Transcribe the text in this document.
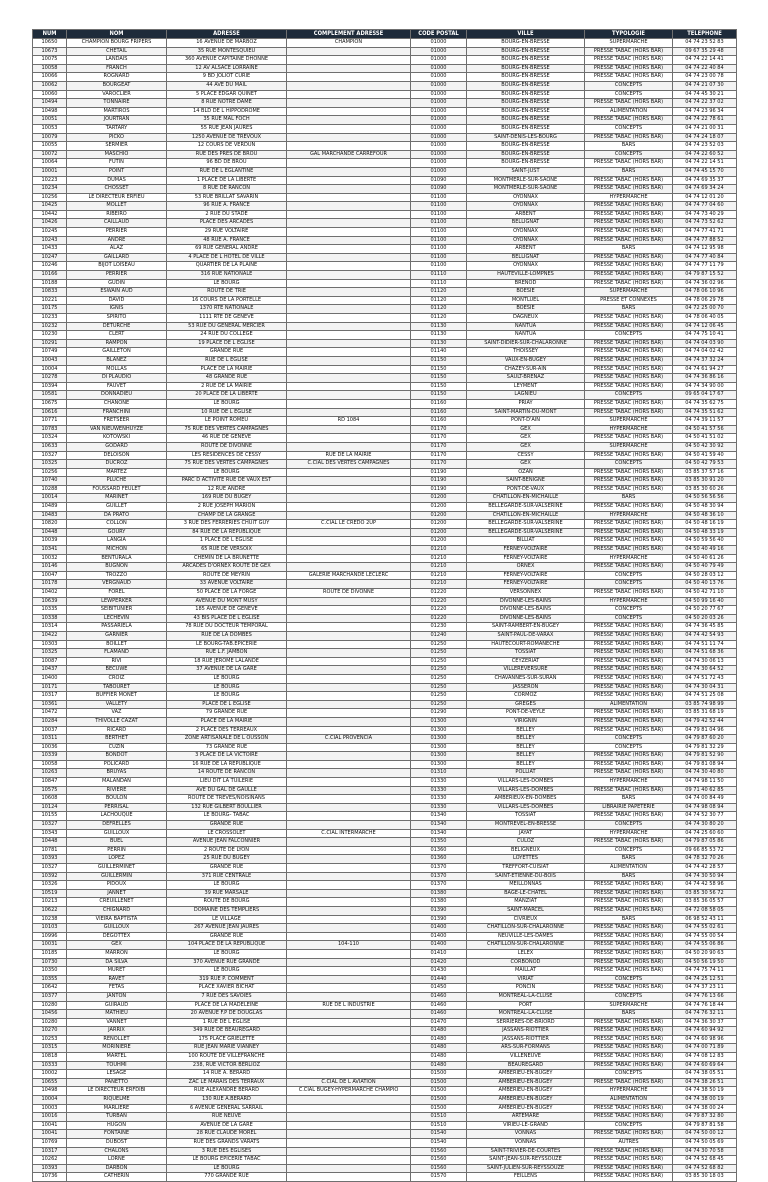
NUM	NOM	ADRESSE	COMPLEMENT ADRESSE	CODE POSTAL	VILLE	TYPOLOGIE	TELEPHONE
10650	CHAMPION BOURG FRIPERS	16 AVENUE DE MARBOZ	CHAMPION	01000	BOURG-EN-BRESSE	SUPERMARCHE	04 74 23 52 83
10673	CHETAIL	35 RUE MONTESQUIEU		01000	BOURG-EN-BRESSE	PRESSE TABAC (HORS BAR)	09 67 35 29 48
10075	LANDAIS	360 AVENUE CAPITAINE DHONNE		01000	BOURG-EN-BRESSE	PRESSE TABAC (HORS BAR)	04 74 22 14 41
10058	FRANCH	12 AV ALSACE LORRAINE		01000	BOURG-EN-BRESSE	PRESSE TABAC (HORS BAR)	04 74 22 40 84
10066	ROGNARD	9 BD JOLIOT CURIE		01000	BOURG-EN-BRESSE	PRESSE TABAC (HORS BAR)	04 74 23 00 78
10062	BOURGEAT	44 AVE DU MAIL		01000	BOURG-EN-BRESSE	CONCEPTS	04 74 21 07 30
10060	VAROCLIER	5 PLACE EDGAR QUINET		01000	BOURG-EN-BRESSE	CONCEPTS	04 74 45 30 21
10494	TONNAIRE	8 RUE NOTRE DAME		01000	BOURG-EN-BRESSE	PRESSE TABAC (HORS BAR)	04 74 22 37 02
10498	MARTIROS	14 BLD DE L HIPPODROME		01000	BOURG-EN-BRESSE	ALIMENTATION	04 74 23 96 34
10051	JOURTRAN	35 RUE MAL FOCH		01000	BOURG-EN-BRESSE	PRESSE TABAC (HORS BAR)	04 74 22 78 61
10053	TARTARY	55 RUE JEAN JAURES		01000	BOURG-EN-BRESSE	CONCEPTS	04 74 21 00 31
10079	PICKO	1250 AVENUE DE TREVOUX		01000	SAINT-DENIS-LES-BOURG	PRESSE TABAC (HORS BAR)	04 74 24 18 07
10055	SERMIER	12 COURS DE VERDUN		01000	BOURG-EN-BRESSE	BARS	04 74 23 52 03
10072	MASCHIO	RUE DES PRES DE BROU	GAL MARCHANDE CARREFOUR	01000	BOURG-EN-BRESSE	CONCEPTS	04 74 22 60 52
10064	FUTIN	96 BD DE BROU		01000	BOURG-EN-BRESSE	PRESSE TABAC (HORS BAR)	04 74 22 14 51
10001	POINT	RUE DE L EGLANTINE		01000	SAINT-JUST	BARS	04 74 45 15 70
10223	DUMAS	1 PLACE DE LA LIBERTE		01090	MONTMERLE-SUR-SAONE	PRESSE TABAC (HORS BAR)	04 74 69 35 37
10234	CHOSSET	8 RUE DE RANCON		01090	MONTMERLE-SUR-SAONE	PRESSE TABAC (HORS BAR)	04 74 69 34 24
10256	LE DIRECTEUR ERFIEU	53 RUE BRILLAT SAVARIN		01100	OYONNAX	HYPERMARCHE	04 74 12 01 20
10425	MOLLET	96 RUE A. FRANCE		01100	OYONNAX	PRESSE TABAC (HORS BAR)	04 74 77 04 60
10442	RIBEIRO	2 RUE DU STADE		01100	ARBENT	PRESSE TABAC (HORS BAR)	04 74 73 40 29
10426	CAILLAUD	PLACE DES ARCADES		01100	BELLIGNAT	PRESSE TABAC (HORS BAR)	04 74 73 52 62
10245	PERRIER	29 RUE VOLTAIRE		01100	OYONNAX	PRESSE TABAC (HORS BAR)	04 74 77 41 71
10243	ANDRE	48 RUE A. FRANCE		01100	OYONNAX	PRESSE TABAC (HORS BAR)	04 74 77 88 52
10433	ALAZ	69 RUE GENERAL ANDRE		01100	ARBENT	BARS	04 74 12 95 98
10247	GAILLARD	4 PLACE DE L HOTEL DE VILLE		01100	BELLIGNAT	PRESSE TABAC (HORS BAR)	04 74 77 40 84
10246	BIJOT LOISEAU	QUARTIER DE LA PLAINE		01100	OYONNAX	PRESSE TABAC (HORS BAR)	04 74 77 11 79
10166	PERRIER	316 RUE NATIONALE		01110	HAUTEVILLE-LOMPNES	PRESSE TABAC (HORS BAR)	04 79 87 15 52
10188	GUDIN	LE BOURG		01110	BRENOD	PRESSE TABAC (HORS BAR)	04 74 36 02 96
10833	ESWAIN AUD	ROUTE DE TRIE		01120	BOESIE	SUPERMARCHE	04 78 06 10 96
10221	DAVID	16 COURS DE LA PORTELLE		01120	MONTLUEL	PRESSE ET CONNEXES	04 78 06 29 78
10175	IGNIS	1370 RTE NATIONALE		01120	BOESIE	BARS	04 72 25 00 70
10233	SPIRITO	1111 RTE DE GENEVE		01120	DAGNEUX	PRESSE TABAC (HORS BAR)	04 78 06 40 05
10232	DETURCHE	53 RUE DU GENERAL MERCIER		01130	NANTUA	PRESSE TABAC (HORS BAR)	04 74 12 06 45
10230	CLERT	24 RUE DU COLLEGE		01130	NANTUA	CONCEPTS	04 74 75 10 41
10291	RAMPON	19 PLACE DE L EGLISE		01130	SAINT-DIDIER-SUR-CHALARONNE	PRESSE TABAC (HORS BAR)	04 74 04 03 90
10749	GAILLETON	GRANDE RUE		01140	THOISSEY	PRESSE TABAC (HORS BAR)	04 74 04 02 42
10043	BLANEZ	RUE DE L EGLISE		01150	VAUX-EN-BUGEY	PRESSE TABAC (HORS BAR)	04 74 37 32 24
10004	MOLLAS	PLACE DE LA MAIRIE		01150	CHAZEY-SUR-AIN	PRESSE TABAC (HORS BAR)	04 74 61 94 27
10278	DI PLAUDIO	48 GRANDE RUE		01150	SAULT-BRENAZ	PRESSE TABAC (HORS BAR)	04 74 36 86 16
10394	FAUVET	2 RUE DE LA MAIRIE		01150	LEYMENT	PRESSE TABAC (HORS BAR)	04 74 34 90 00
10581	DONNADIEU	20 PLACE DE LA LIBERTE		01150	LAGNIEU	CONCEPTS	09 65 04 17 67
10675	CHANONE	LE BOURG		01160	PRIAY	PRESSE TABAC (HORS BAR)	04 74 35 62 75
10616	FRANCHINI	10 RUE DE L EGLISE		01160	SAINT-MARTIN-DU-MONT	PRESSE TABAC (HORS BAR)	04 74 35 51 62
10771	FRETSEER	LE POINT ROMEU	RD 1084	01160	PONT-D'AIN	SUPERMARCHE	04 74 39 11 57
10783	VAN NIEUWENHUYZE	75 RUE DES VERTES CAMPAGNES		01170	GEX	HYPERMARCHE	04 50 41 57 56
10324	KOTOWSKI	46 RUE DE GENEVE		01170	GEX	PRESSE TABAC (HORS BAR)	04 50 41 51 02
10633	GODARD	ROUTE DE DIVONNE		01170	GEX	SUPERMARCHE	04 50 42 30 92
10327	DELOISON	LES RESIDENCES DE CESSY	RUE DE LA MAIRIE	01170	CESSY	PRESSE TABAC (HORS BAR)	04 50 41 59 40
10325	DUCROZ	75 RUE DES VERTES CAMPAGNES	C.CIAL DES VERTES CAMPAGNES	01170	GEX	CONCEPTS	04 50 42 79 53
10256	MARTEZ	LE BOURG		01190	OZAN	PRESSE TABAC (HORS BAR)	03 85 37 57 16
10740	PLUCHE	PARC D ACTIVITE RUE DE VAUX EST		01190	SAINT-BENIGNE	PRESSE TABAC (HORS BAR)	03 85 30 91 20
10288	FOUSSARD FEULET	12 RUE ANDRE		01190	PONT-DE-VAUX	PRESSE TABAC (HORS BAR)	03 85 30 60 26
10014	MARINET	169 RUE DU BUGEY		01200	CHATILLON-EN-MICHAILLE	BARS	04 50 56 56 56
10489	GUILLET	2 RUE JOSEPH MARION		01200	BELLEGARDE-SUR-VALSERINE	PRESSE TABAC (HORS BAR)	04 50 48 30 94
10483	DA PRATO	CHAMP DE LA GRANGE		01200	CHATILLON-EN-MICHAILLE	HYPERMARCHE	04 50 48 36 10
10820	COLLON	3 RUE DES FERRERIES CHUIT GUY	C.CIAL LE CREDO 2UP	01200	BELLEGARDE-SUR-VALSERINE	PRESSE TABAC (HORS BAR)	04 50 48 16 19
10448	GOURY	84 RUE DE LA REPUBLIQUE		01200	BELLEGARDE-SUR-VALSERINE	PRESSE TABAC (HORS BAR)	04 50 48 33 19
10039	LANGIA	1 PLACE DE L EGLISE		01200	BILLIAT	PRESSE TABAC (HORS BAR)	04 50 59 56 40
10341	MICHON	65 RUE DE VERSOIX		01210	FERNEY-VOLTAIRE	PRESSE TABAC (HORS BAR)	04 50 40 49 16
10032	BENTURALA	CHEMIN DE LA BRUNETTE		01210	FERNEY-VOLTAIRE	HYPERMARCHE	04 50 40 61 26
10146	BUGNON	ARCADES D'ORNEX ROUTE DE GEX		01210	ORNEX	PRESSE TABAC (HORS BAR)	04 50 40 79 49
10047	TROZZO	ROUTE DE MEYRIN	GALERIE MARCHANDE LECLERC	01210	FERNEY-VOLTAIRE	CONCEPTS	04 50 28 03 12
10178	VERGNAUD	33 AVENUE VOLTAIRE		01210	FERNEY-VOLTAIRE	CONCEPTS	04 50 40 13 76
10402	FOREL	50 PLACE DE LA FORGE	ROUTE DE DIVONNE	01220	VERSONNEX	PRESSE TABAC (HORS BAR)	04 50 42 71 10
10639	LEWPERKER	AVENUE DU MONT MUSY		01220	DIVONNE-LES-BAINS	HYPERMARCHE	04 50 99 16 40
10335	SEIBITUNIER	185 AVENUE DE GENEVE		01220	DIVONNE-LES-BAINS	CONCEPTS	04 50 20 77 67
10338	LECHEVIN	43 BIS PLACE DE L EGLISE		01220	DIVONNE-LES-BAINS	CONCEPTS	04 50 20 03 26
10314	PASSARIELA	78 RUE DU DOCTEUR TEMPORAL		01230	SAINT-RAMBERT-EN-BUGEY	PRESSE TABAC (HORS BAR)	04 74 36 45 85
10422	GARNIER	RUE DE LA DOMBES		01240	SAINT-PAUL-DE-VARAX	PRESSE TABAC (HORS BAR)	04 74 42 54 93
10303	BOILLET	LE BOURG-TAB.EPICERIE		01250	HAUTECOURT-ROMANECHE	PRESSE TABAC (HORS BAR)	04 74 51 11 74
10325	FLAMAND	RUE L.F. JAMBON		01250	TOSSIAT	PRESSE TABAC (HORS BAR)	04 74 51 68 36
10087	RIVI	18 RUE JEROME LALANDE		01250	CEYZERIAT	PRESSE TABAC (HORS BAR)	04 74 30 06 13
10437	BECUWE	37 AVENUE DE LA GARE		01250	VILLEREVERSURE	PRESSE TABAC (HORS BAR)	04 74 30 64 52
10400	CROIZ	LE BOURG		01250	CHAVANNES-SUR-SURAN	PRESSE TABAC (HORS BAR)	04 74 51 72 43
10171	TABOURET	LE BOURG		01250	JASSERON	PRESSE TABAC (HORS BAR)	04 74 30 04 31
10317	BUFFIER MONET	LE BOURG		01250	CORMOZ	PRESSE TABAC (HORS BAR)	04 74 51 25 08
10361	VALLETY	PLACE DE L EGLISE		01250	GREGES	ALIMENTATION	03 85 74 98 99
10472	VAZ	79 GRANDE RUE		01290	PONT-DE-VEYLE	PRESSE TABAC (HORS BAR)	03 85 31 68 19
10284	THIVOLLE CAZAT	PLACE DE LA MAIRIE		01300	VIRIGNIN	PRESSE TABAC (HORS BAR)	04 79 42 52 44
10037	RICARD	2 PLACE DES TERREAUX		01300	BELLEY	PRESSE TABAC (HORS BAR)	04 79 81 04 96
10311	BERTHET	ZONE ARTISANALE DE L OUSSON	C.CIAL PROVENCIA	01300	BELLEY	CONCEPTS	04 79 87 60 20
10036	CUZIN	73 GRANDE RUE		01300	BELLEY	CONCEPTS	04 79 81 32 29
10339	BONDOT	3 PLACE DE LA VICTOIRE		01300	BELLEY	PRESSE TABAC (HORS BAR)	04 79 81 52 90
10058	POLICARD	16 RUE DE LA REPUBLIQUE		01300	BELLEY	PRESSE TABAC (HORS BAR)	04 79 81 08 94
10263	BRUYAS	14 ROUTE DE RANCON		01310	POLLIAT	PRESSE TABAC (HORS BAR)	04 74 30 40 80
10847	MALANDAN	LIEU DIT LA TUILERIE		01330	VILLARS-LES-DOMBES	HYPERMARCHE	04 74 98 11 50
10575	RIVIERE	AVE DU GAL DE GAULLE		01330	VILLARS-LES-DOMBES	PRESSE TABAC (HORS BAR)	09 71 40 62 85
10608	BOULON	ROUTE DE TREVES/NOISINANS		01330	AMBERIEUX-EN-DOMBES	BARS	04 74 00 84 49
10124	PERRISAL	132 RUE GILBERT BOULLIER		01330	VILLARS-LES-DOMBES	LIBRAIRIE PAPETERIE	04 74 98 08 94
10155	LACHOUQUE	LE BOURG- TABAC		01340	TOSSIAT	PRESSE TABAC (HORS BAR)	04 74 52 30 77
10327	DEFRELLES	GRANDE RUE		01340	MONTREVEL-EN-BRESSE	CONCEPTS	04 74 30 80 20
10343	GUILLOUX	LE CROSSOLET	C.CIAL INTERMARCHE	01340	JAYAT	HYPERMARCHE	04 74 25 60 60
10448	BUEL	AVENUE JEAN FALCONNIER		01350	CULOZ	PRESSE TABAC (HORS BAR)	04 79 87 05 86
10781	PERRIN	2 ROUTE DE LYON		01360	BELIGNEUX	CONCEPTS	09 66 85 53 72
10393	LOPEZ	25 RUE DU BUGEY		01360	LOYETTES	BARS	04 78 32 70 26
10327	GUILLERMINET	GRANDE RUE		01370	TREFFORT-CUISIAT	ALIMENTATION	04 74 42 28 57
10392	GUILLERMIN	371 RUE CENTRALE		01370	SAINT-ETIENNE-DU-BOIS	BARS	04 74 30 50 94
10326	PIDOUX	LE BOURG		01370	MEILLONNAS	PRESSE TABAC (HORS BAR)	04 74 42 58 96
10519	JANNET	39 RUE MARSALE		01380	BAGE-LE-CHATEL	PRESSE TABAC (HORS BAR)	03 85 30 56 72
10213	CREUILLENET	ROUTE DE BOURG		01380	MANZIAT	PRESSE TABAC (HORS BAR)	03 85 36 05 57
10622	CHIGNARD	DOMAINE DES TEMPLIERS		01390	SAINT-MARCEL	PRESSE TABAC (HORS BAR)	04 72 08 58 05
10238	VIEIRA BAPTISTA	LE VILLAGE		01390	CIVRIEUX	BARS	06 98 52 43 11
10103	GUILLOUX	267 AVENUE JEAN JAURES		01400	CHATILLON-SUR-CHALARONNE	PRESSE TABAC (HORS BAR)	04 74 55 02 61
10996	DEGOTTEX	GRANDE RUE		01400	NEUVILLE-LES-DAMES	PRESSE TABAC (HORS BAR)	04 74 55 00 54
10031	GEX	104 PLACE DE LA REPUBLIQUE	104-110	01400	CHATILLON-SUR-CHALARONNE	PRESSE TABAC (HORS BAR)	04 74 55 06 86
10185	MARRON	LE BOURG		01410	LELEX	PRESSE TABAC (HORS BAR)	04 50 20 90 63
10730	DA SILVA	370 AVENUE RUE GRANDE		01420	CORBONOD	PRESSE TABAC (HORS BAR)	04 50 56 19 50
10350	MURET	LE BOURG		01430	MAILLAT	PRESSE TABAC (HORS BAR)	04 74 75 74 11
10355	RAVET	319 RUE P. COMMENT		01440	VIRIAT	CONCEPTS	04 74 25 12 51
10642	FETAS	PLACE XAVIER BICHAT		01450	PONCIN	PRESSE TABAC (HORS BAR)	04 74 37 23 11
10377	JANTON	7 RUE DES SAVOIES		01460	MONTREAL-LA-CLUSE	CONCEPTS	04 74 76 13 66
10280	GUIRAUD	PLACE DE LA MADELEINE	RUE DE L INDUSTRIE	01460	PORT	SUPERMARCHE	04 74 76 18 44
10456	MATHIEU	20 AVENUE F.P DE DOUGLAS		01460	MONTREAL-LA-CLUSE	BARS	04 74 76 32 11
10280	VANNET	1 RUE DE L EGLISE		01470	SERRIERES-DE-BRIORD	PRESSE TABAC (HORS BAR)	04 74 36 30 37
10270	JARRIX	349 RUE DE BEAUREGARD		01480	JASSANS-RIOTTIER	PRESSE TABAC (HORS BAR)	04 74 60 94 92
10253	RENOLLET	175 PLACE GRIELETTE		01480	JASSANS-RIOTTIER	PRESSE TABAC (HORS BAR)	04 74 60 98 96
10315	MORINIERE	RUE JEAN MARIE VIANNEY		01480	ARS-SUR-FORMANS	PRESSE TABAC (HORS BAR)	04 74 00 71 89
10818	MARTEL	100 ROUTE DE VILLEFRANCHE		01480	VILLENEUVE	PRESSE TABAC (HORS BAR)	04 74 08 12 83
10333	TOUHMI	238, RUE VICTOR BERLIOZ		01480	BEAUREGARD	PRESSE TABAC (HORS BAR)	04 74 60 69 64
10002	LESAGE	14 RUE A. BERARD		01500	AMBERIEU-EN-BUGEY	CONCEPTS	04 74 38 05 51
10655	PANETTO	ZAC LE MARAIS DES TERRAUX	C.CIAL DE L AVIATION	01500	AMBERIEU-EN-BUGEY	PRESSE TABAC (HORS BAR)	04 74 38 26 51
10498	LE DIRECTEUR ERFDIBI	RUE ALEXANDRE BERARD	C.CIAL BUGEY-HYPERMARCHE CHAMPIO	01500	AMBERIEU-EN-BUGEY	HYPERMARCHE	04 74 38 50 19
10004	RIQUELME	130 RUE A.BERARD		01500	AMBERIEU-EN-BUGEY	ALIMENTATION	04 74 38 00 19
10003	MARLIERE	6 AVENUE GENERAL SARRAIL		01500	AMBERIEU-EN-BUGEY	PRESSE TABAC (HORS BAR)	04 74 38 00 24
10016	TURBAN	RUE NEUVE		01510	ARTEMARE	PRESSE TABAC (HORS BAR)	04 79 87 32 80
10041	HUGON	AVENUE DE LA GARE		01510	VIRIEU-LE-GRAND	CONCEPTS	04 79 87 81 58
10041	FONTAINE	28 RUE CLAUDE MOREL		01540	VONNAS	PRESSE TABAC (HORS BAR)	04 74 50 00 12
10769	DUBOST	RUE DES GRANDS VARATS		01540	VONNAS	AUTRES	04 74 50 05 69
10317	CHALONS	3 RUE DES EGLISES		01560	SAINT-TRIVIER-DE-COURTES	PRESSE TABAC (HORS BAR)	04 74 30 70 58
10262	LORNE	LE BOURG EPICERIE TABAC		01560	SAINT-JEAN-SUR-REYSSOUZE	PRESSE TABAC (HORS BAR)	04 74 52 68 45
10393	DARBON	LE BOURG		01560	SAINT-JULIEN-SUR-REYSSOUZE	PRESSE TABAC (HORS BAR)	04 74 52 68 82
10736	CATHERIN	770 GRANDE RUE		01570	FEILLENS	PRESSE TABAC (HORS BAR)	03 85 30 18 03
